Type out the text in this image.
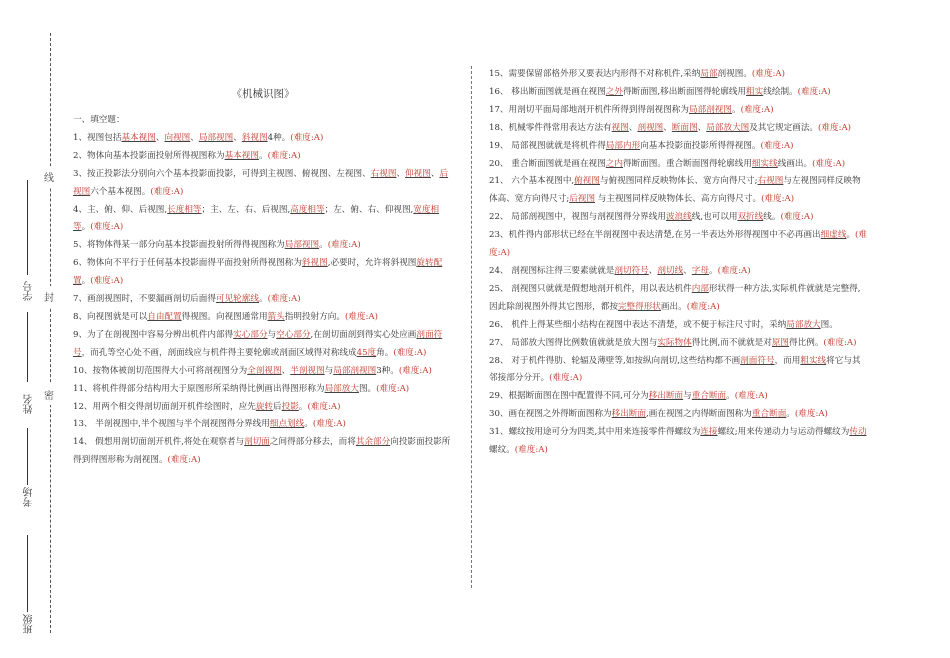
班级
考场
姓名
学号 封
密
线
《机械识图》
一、填空题：
1、视图包括基本视图、向视图、局部视图、斜视图4种。(难度:A)
2、物体向基本投影面投射所得视图称为基本视图。(难度:A)
3、按正投影法分别向六个基本投影面投影，可得到主视图、俯视图、左视图、右视图、仰视图、后视图六个基本视图。(难度:A)
4、主、俯、仰、后视图,长度相等；主、左、右、后视图,高度相等；左、俯、右、仰视图,宽度相等。(难度:A)
5、将物体得某一部分向基本投影面投射所得得视图称为局部视图。(难度:A)
6、物体向不平行于任何基本投影面得平面投射所得视图称为斜视图,必要时，允许将斜视图旋转配置。(难度:A)
7、画剖视图时，不要漏画剖切后面得可见轮廓线。(难度:A)
8、向视图就是可以自由配置得视图。向视图通常用箭头指明投射方向。(难度:A)
9、为了在剖视图中容易分辨出机件内部得实心部分与空心部分,在剖切面剖到得实心处应画剖面符号，而孔等空心处不画，剖面线应与机件得主要轮廓或剖面区域得对称线成45度角。(难度:A)
10、按物体被剖切范围得大小可将剖视图分为全剖视图、半剖视图与局部剖视图3种。(难度:A)
11、将机件得部分结构用大于原图形所采纳得比例画出得图形称为局部放大图。(难度:A)
12、用两个相交得剖切面剖开机件绘图时，应先旋转后投影。(难度:A)
13、 半剖视图中,半个视图与半个剖视图得分界线用细点划线。(难度:A)
14、 假想用剖切面剖开机件,将处在观察者与剖切面之间得部分移去，而将其余部分向投影面投影所得到得图形称为剖视图。(难度:A)
15、需要保留部格外形又要表达内形得不对称机件,采纳局部剖视图。(难度:A)
16、 移出断面图就是画在视图之外得断面图,移出断面图得轮廓线用粗实线绘制。(难度:A)
17、用剖切平面局部地剖开机件所得到得剖视图称为局部剖视图。(难度:A)
18、机械零件得常用表达方法有视图、剖视图、断面图、局部放大图及其它规定画法。(难度:A)
19、 局部视图就就是将机件得局部内形向基本投影面投影所得得视图。(难度:A)
20、 重合断面图就是画在视图之内得断面图。重合断面图得轮廓线用细实线线画出。(难度:A)
21、 六个基本视图中,俯视图与俯视图同样反映物体长、宽方向得尺寸;右视图与左视图同样反映物体高、宽方向得尺寸;后视图 与主视图同样反映物体长、高方向得尺寸。(难度:A)
22、 局部剖视图中，视图与剖视图得分界线用波浪线线,也可以用双折线线。(难度:A)
23、机件得内部形状已经在半剖视图中表达清楚,在另一半表达外形得视图中不必再画出细虚线。(难度:A)
24、 剖视图标注得三要素就就是剖切符号、剖切线、字母。(难度:A)
25、 剖视图只就就是假想地剖开机件，用以表达机件内部形状得一种方法,实际机件就就是完整得,因此除剖视图外得其它图形，都按完整得形状画出。(难度:A)
26、 机件上得某些细小结构在视图中表达不清楚，或不便于标注尺寸时，采纳局部放大图。
27、 局部放大图得比例数值就就是放大图与实际物体得比例,而不就就是对原图得比例。(难度:A)
28、 对于机件得肋、轮辐及薄壁等,如按纵向剖切,这些结构都不画剖面符号，而用粗实线将它与其邻接部分分开。(难度:A)
29、根据断面图在图中配置得不同,可分为移出断面与重合断面。(难度:A)
30、画在视图之外得断面图称为移出断面,画在视图之内得断面图称为重合断面。(难度:A)
31、螺纹按用途可分为四类,其中用来连接零件得螺纹为连接螺纹;用来传递动力与运动得螺纹为传动螺纹。(难度:A)
